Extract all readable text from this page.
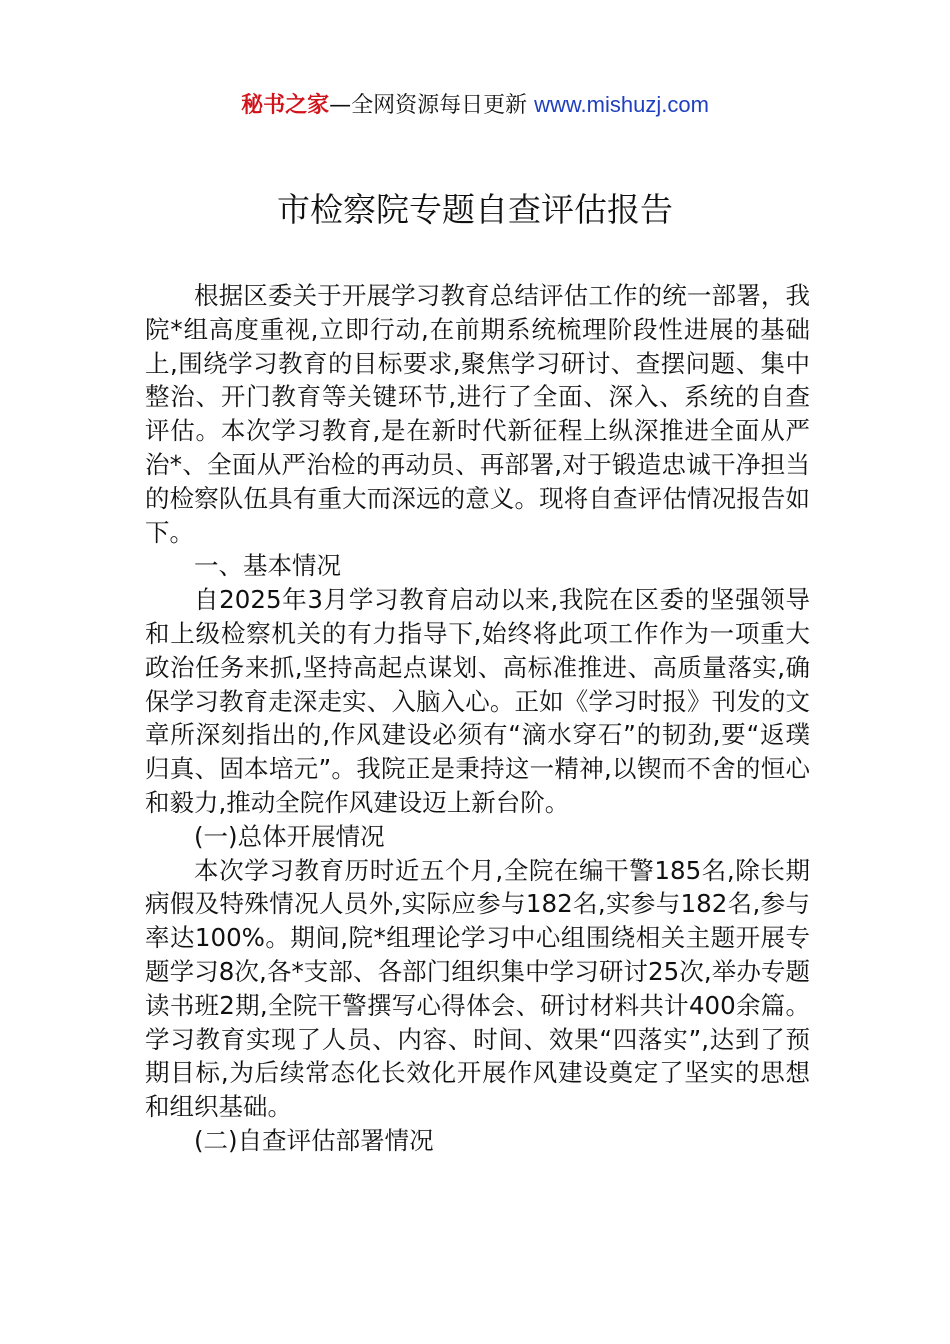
秘书之家—全网资源每日更新 www.mishuzj.com
市检察院专题自查评估报告

根据区委关于开展学习教育总结评估工作的统一部署，我院*组高度重视,立即行动,在前期系统梳理阶段性进展的基础上,围绕学习教育的目标要求,聚焦学习研讨、查摆问题、集中整治、开门教育等关键环节,进行了全面、深入、系统的自查评估。本次学习教育,是在新时代新征程上纵深推进全面从严治*、全面从严治检的再动员、再部署,对于锻造忠诚干净担当的检察队伍具有重大而深远的意义。现将自查评估情况报告如下。

一、基本情况

自2025年3月学习教育启动以来,我院在区委的坚强领导和上级检察机关的有力指导下,始终将此项工作作为一项重大政治任务来抓,坚持高起点谋划、高标准推进、高质量落实,确保学习教育走深走实、入脑入心。正如《学习时报》刊发的文章所深刻指出的,作风建设必须有“滴水穿石”的韧劲,要“返璞归真、固本培元”。我院正是秉持这一精神,以锲而不舍的恒心和毅力,推动全院作风建设迈上新台阶。

(一)总体开展情况

本次学习教育历时近五个月,全院在编干警185名,除长期病假及特殊情况人员外,实际应参与182名,实参与182名,参与率达100%。期间,院*组理论学习中心组围绕相关主题开展专题学习8次,各*支部、各部门组织集中学习研讨25次,举办专题读书班2期,全院干警撰写心得体会、研讨材料共计400余篇。学习教育实现了人员、内容、时间、效果“四落实”,达到了预期目标,为后续常态化长效化开展作风建设奠定了坚实的思想和组织基础。

(二)自查评估部署情况
